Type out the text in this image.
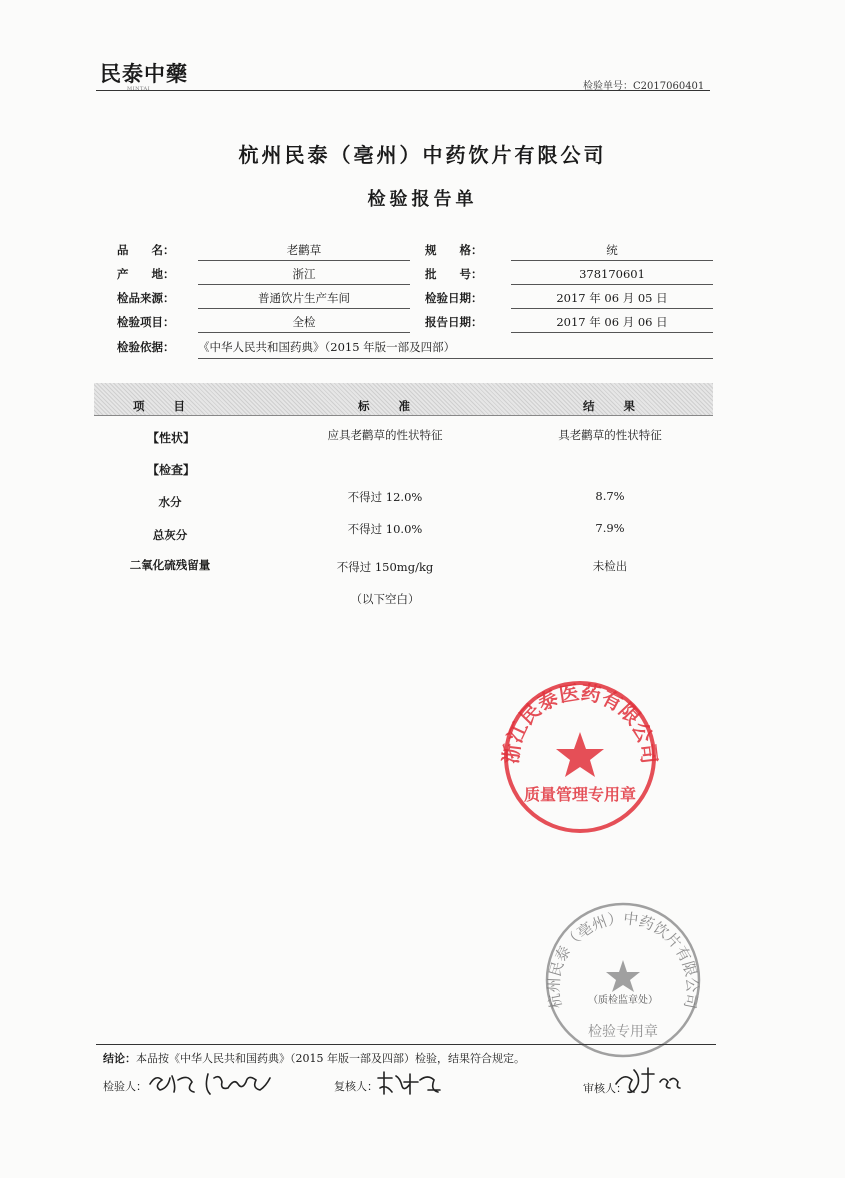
民泰中藥
MINTAI	检验单号：C2017060401
杭州民泰（亳州）中药饮片有限公司
检验报告单
品　　名：	老鹳草	规　　格：	统
产　　地：	浙江	批　　号：	378170601
检品来源：	普通饮片生产车间	检验日期：	2017 年 06 月 05 日
检验项目：	全检	报告日期：	2017 年 06 月 06 日
检验依据： 《中华人民共和国药典》（2015 年版一部及四部）
项　　目	标　　准	结　　果
【性状】	应具老鹳草的性状特征	具老鹳草的性状特征
【检查】
水分	不得过 12.0%	8.7%
总灰分	不得过 10.0%	7.9%
二氧化硫残留量	不得过 150mg/kg	未检出
（以下空白）
浙江民泰医药有限公司
质量管理专用章
杭州民泰（亳州）中药饮片有限公司
（质检监章处）
检验专用章
结论：本品按《中华人民共和国药典》（2015 年版一部及四部）检验，结果符合规定。
检验人：	复核人：	审核人：
